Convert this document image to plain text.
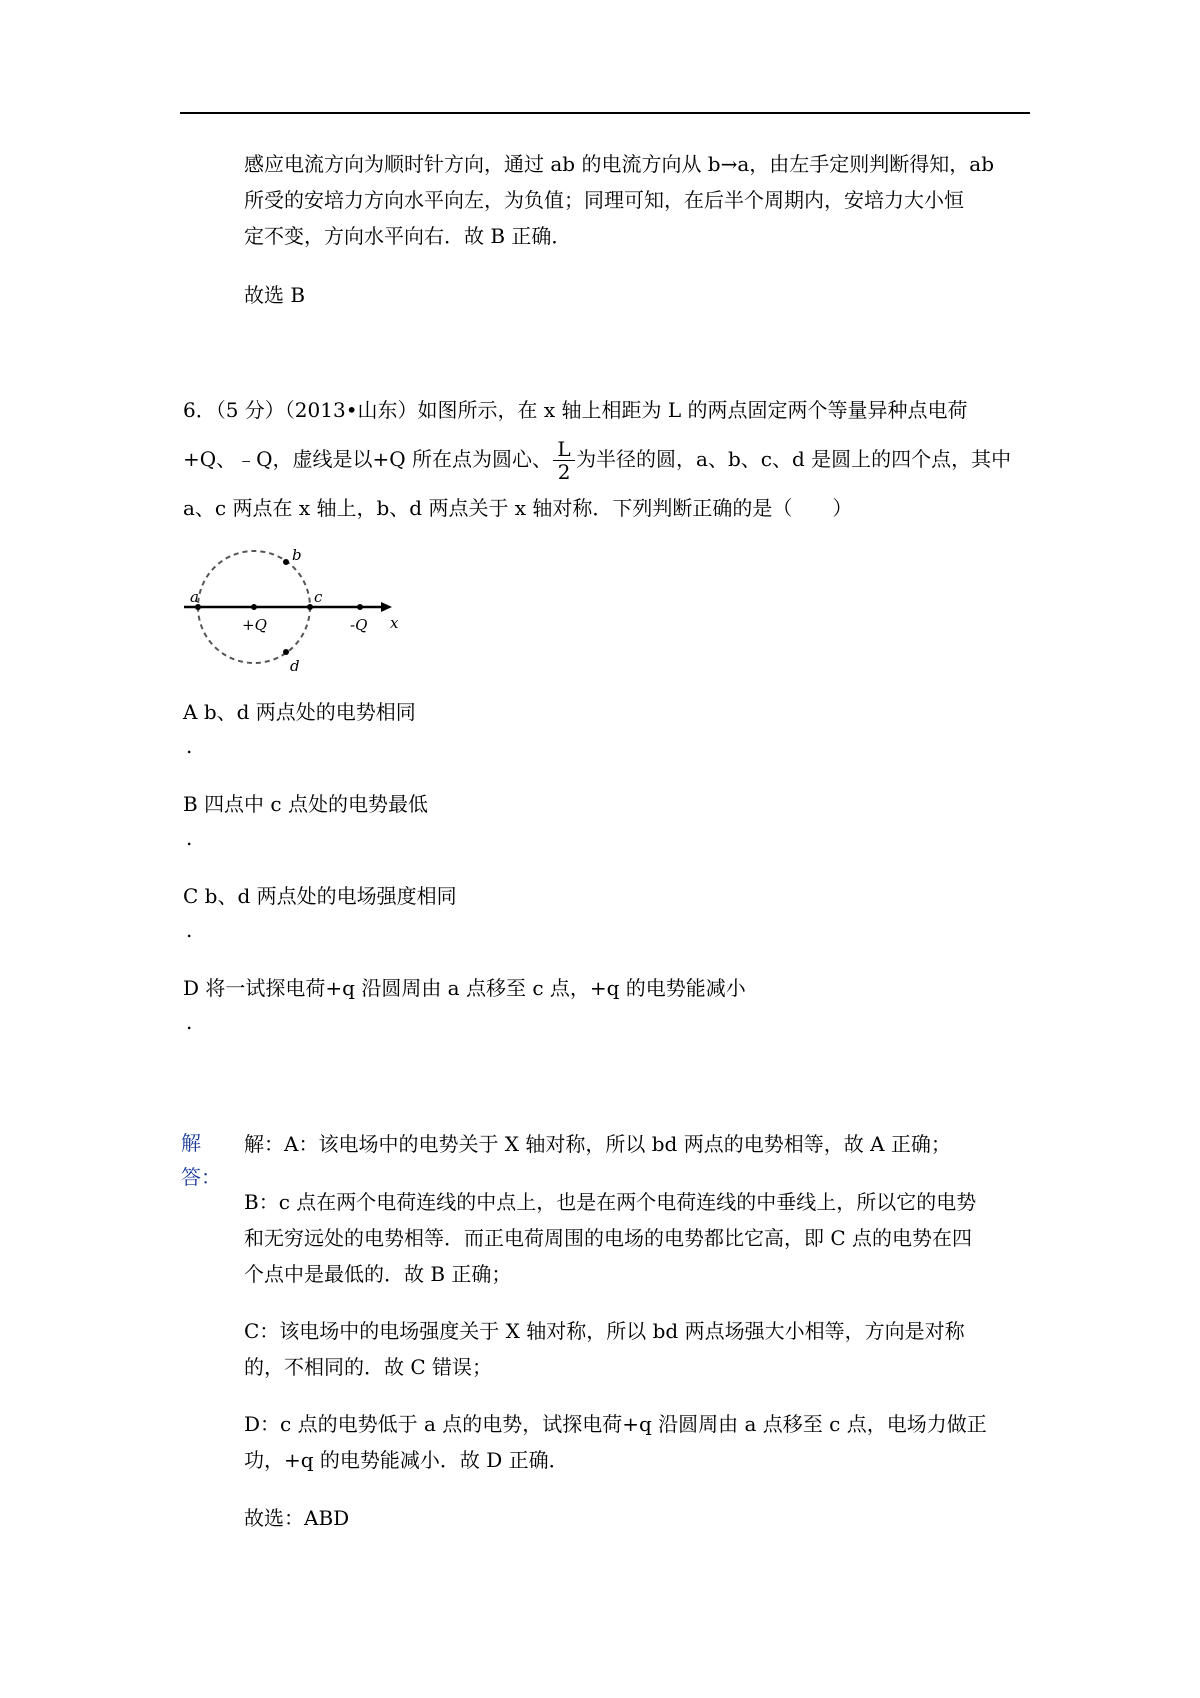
感应电流方向为顺时针方向，通过 ab 的电流方向从 b→a，由左手定则判断得知，ab

所受的安培力方向水平向左，为负值；同理可知，在后半个周期内，安培力大小恒

定不变，方向水平向右．故 B 正确．

故选 B

6．（5 分）（2013•山东）如图所示，在 x 轴上相距为 L 的两点固定两个等量异种点电荷

+Q、﹣Q，虚线是以+Q 所在点为圆心、 $\frac{L}{2}$ 为半径的圆，a、b、c、d 是圆上的四个点，其中

a、c 两点在 x 轴上，b、d 两点关于 x 轴对称．下列判断正确的是（　　）

a
b
c
d
+Q	-Q x

A b、d 两点处的电势相同

.

B 四点中 c 点处的电势最低

.

C b、d 两点处的电场强度相同

.

D 将一试探电荷+q 沿圆周由 a 点移至 c 点，+q 的电势能减小

.
解答：

解：A：该电场中的电势关于 X 轴对称，所以 bd 两点的电势相等，故 A 正确；

B：c 点在两个电荷连线的中点上，也是在两个电荷连线的中垂线上，所以它的电势

和无穷远处的电势相等．而正电荷周围的电场的电势都比它高，即 C 点的电势在四

个点中是最低的．故 B 正确；

C：该电场中的电场强度关于 X 轴对称，所以 bd 两点场强大小相等，方向是对称

的，不相同的．故 C 错误；

D：c 点的电势低于 a 点的电势，试探电荷+q 沿圆周由 a 点移至 c 点，电场力做正

功，+q 的电势能减小．故 D 正确．

故选：ABD
